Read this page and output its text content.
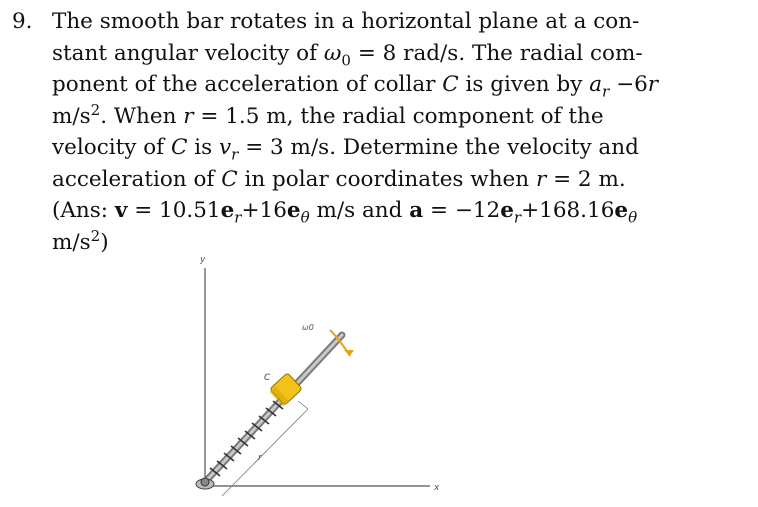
9. The smooth bar rotates in a horizontal plane at a con-
stant angular velocity of $\omega_0 = 8$ rad/s. The radial com-
ponent of the acceleration of collar C is given by $a_r -6r$
$m/s^2$. When r = 1.5 m, the radial component of the
velocity of C is $v_r = 3$ m/s. Determine the velocity and
acceleration of C in polar coordinates when r = 2 m.
(Ans: $v = 10.51e_r+16e_\theta$ m/s and $a = -12e_r+168.16e_\theta$
$m/s^2$)
y
x
r
C
ω0
